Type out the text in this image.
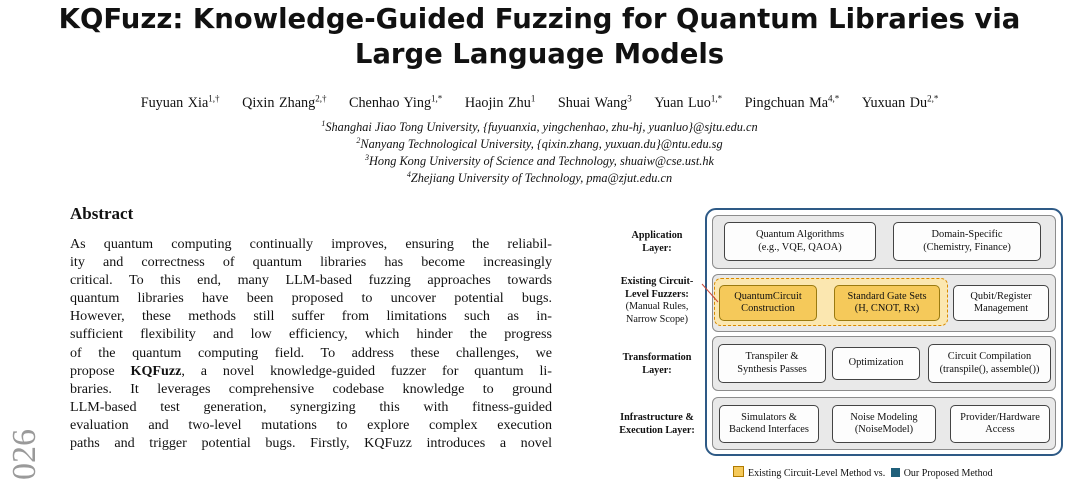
KQFuzz: Knowledge-Guided Fuzzing for Quantum Libraries via
Large Language Models
Fuyuan Xia$^{1,\dagger}$ Qixin Zhang$^{2,\dagger}$ Chenhao Ying$^{1,*}$ Haojin Zhu$^1$ Shuai Wang$^3$ Yuan Luo$^{1,*}$ Pingchuan $Ma^{4,*}$ Yuxuan $Du^{2,*}$
$^1$Shanghai Jiao Tong University, {fuyuanxia, yingchenhao, zhu-hj, yuanluo}@sjtu.edu.cn
$^2$Nanyang Technological University, {qixin.zhang, yuxuan.du}@ntu.edu.sg
$^3$Hong Kong University of Science and Technology, shuaiw@cse.ust.hk
$^4$Zhejiang University of Technology, pma@zjut.edu.cn
Abstract
As quantum computing continually improves, ensuring the reliabil-
ity and correctness of quantum libraries has become increasingly
critical. To this end, many LLM-based fuzzing approaches towards
quantum libraries have been proposed to uncover potential bugs.
However, these methods still suffer from limitations such as in-
sufficient flexibility and low efficiency, which hinder the progress
of the quantum computing field. To address these challenges, we
propose KQFuzz, a novel knowledge-guided fuzzer for quantum li-
braries. It leverages comprehensive codebase knowledge to ground
LLM-based test generation, synergizing this with fitness-guided
evaluation and two-level mutations to explore complex execution
paths and trigger potential bugs. Firstly, KQFuzz introduces a novel
026
Application
Layer:
Existing Circuit-
Level Fuzzers:
(Manual Rules,
Narrow Scope)
Transformation
Layer:
Infrastructure &
Execution Layer:
Quantum Algorithms
(e.g., VQE, QAOA)
Domain-Specific
(Chemistry, Finance)
QuantumCircuit
Construction
Standard Gate Sets
(H, CNOT, Rx)
Qubit/Register
Management
Transpiler &
Synthesis Passes
Optimization
Circuit Compilation
(transpile(), assemble())
Simulators &
Backend Interfaces
Noise Modeling
(NoiseModel)
Provider/Hardware
Access
Existing Circuit-Level Method vs. Our Proposed Method
